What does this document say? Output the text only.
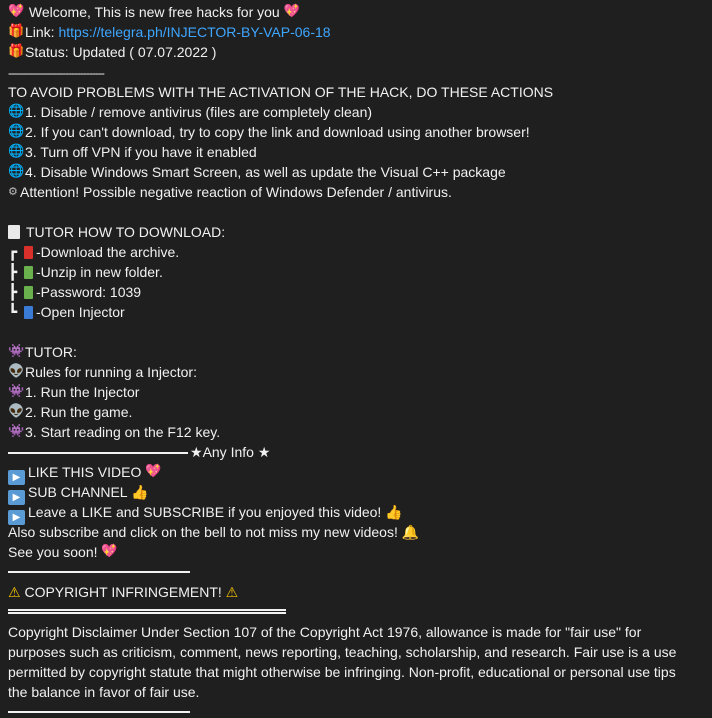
💖 Welcome, This is new free hacks for you 💖
🎁Link: https://telegra.ph/INJECTOR-BY-VAP-06-18
🎁Status: Updated ( 07.07.2022 )
--------------------------------
TO AVOID PROBLEMS WITH THE ACTIVATION OF THE HACK, DO THESE ACTIONS
🌐1. Disable / remove antivirus (files are completely clean)
🌐2. If you can't download, try to copy the link and download using another browser!
🌐3. Turn off VPN if you have it enabled
🌐4. Disable Windows Smart Screen, as well as update the Visual C++ package
⚙ Attention! Possible negative reaction of Windows Defender / antivirus.
TUTOR HOW TO DOWNLOAD:
┏ -Download the archive.
┣ -Unzip in new folder.
┣ -Password: 1039
┗ -Open Injector
👾TUTOR:
👽Rules for running a Injector:
👾1. Run the Injector
👽2. Run the game.
👾3. Start reading on the F12 key.
★Any Info ★
▶ LIKE THIS VIDEO 💖
▶ SUB CHANNEL 👍
▶ Leave a LIKE and SUBSCRIBE if you enjoyed this video! 👍
Also subscribe and click on the bell to not miss my new videos! 🔔
See you soon! 💖
⚠ COPYRIGHT INFRINGEMENT! ⚠
Copyright Disclaimer Under Section 107 of the Copyright Act 1976, allowance is made for "fair use" for purposes such as criticism, comment, news reporting, teaching, scholarship, and research. Fair use is a use permitted by copyright statute that might otherwise be infringing. Non-profit, educational or personal use tips the balance in favor of fair use.
